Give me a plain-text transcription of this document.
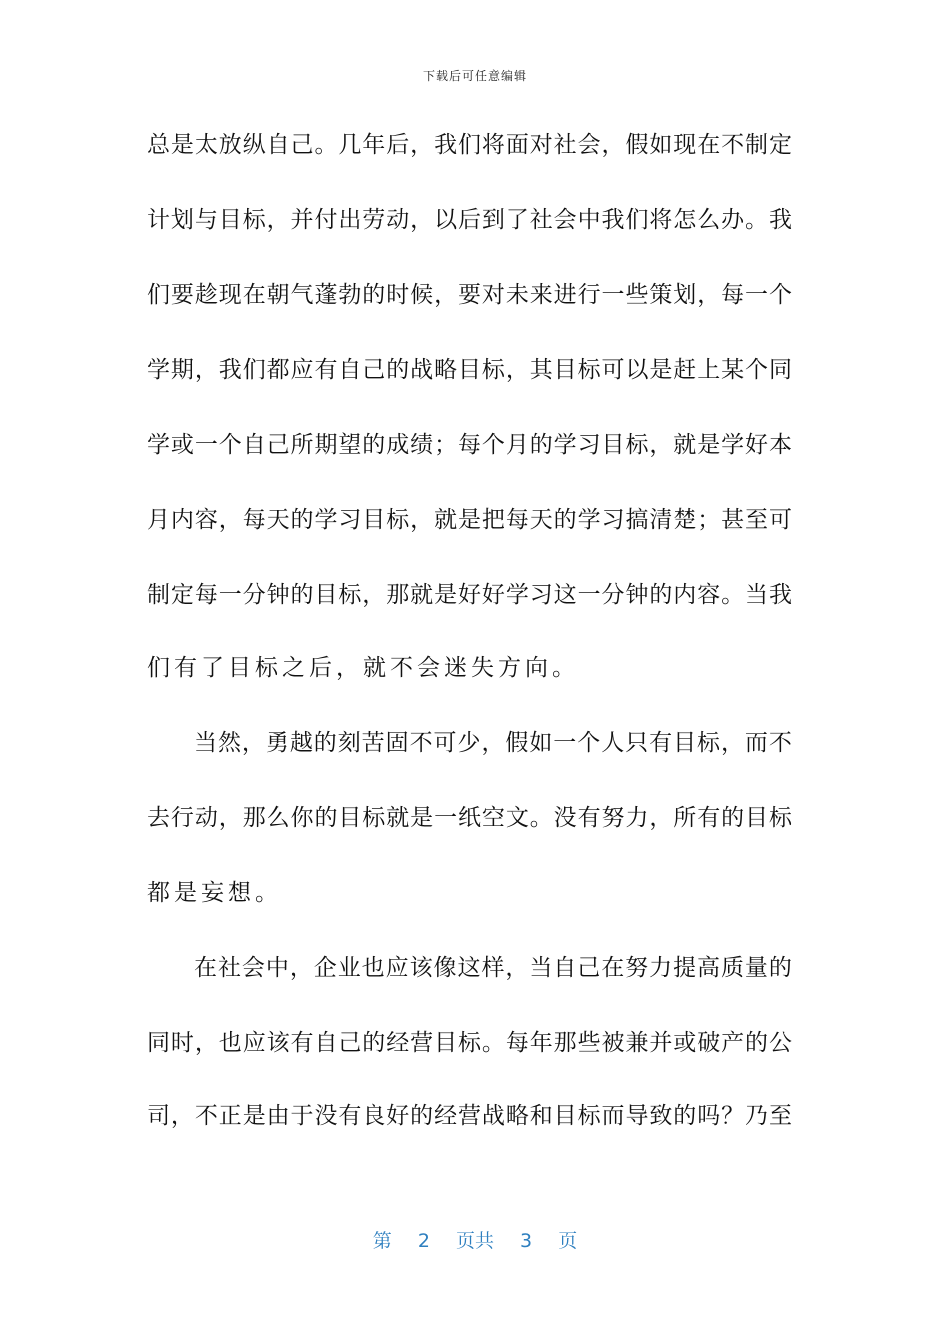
下载后可任意编辑
总 是 太 放 纵 自 己 。 几 年 后 ， 我 们 将 面 对 社 会 ， 假 如 现 在 不 制 定
计 划 与 目 标 ， 并 付 出 劳 动 ， 以 后 到 了 社 会 中 我 们 将 怎 么 办 。 我
们 要 趁 现 在 朝 气 蓬 勃 的 时 候 ， 要 对 未 来 进 行 一 些 策 划 ， 每 一 个
学 期 ， 我 们 都 应 有 自 己 的 战 略 目 标 ， 其 目 标 可 以 是 赶 上 某 个 同
学 或 一 个 自 己 所 期 望 的 成 绩 ； 每 个 月 的 学 习 目 标 ， 就 是 学 好 本
月 内 容 ， 每 天 的 学 习 目 标 ， 就 是 把 每 天 的 学 习 搞 清 楚 ； 甚 至 可
制 定 每 一 分 钟 的 目 标 ， 那 就 是 好 好 学 习 这 一 分 钟 的 内 容 。 当 我
们有了目标之后，就不会迷失方向。
当 然 ， 勇 越 的 刻 苦 固 不 可 少 ， 假 如 一 个 人 只 有 目 标 ， 而 不
去 行 动 ， 那 么 你 的 目 标 就 是 一 纸 空 文 。 没 有 努 力 ， 所 有 的 目 标
都是妄想。
在 社 会 中 ， 企 业 也 应 该 像 这 样 ， 当 自 己 在 努 力 提 高 质 量 的
同 时 ， 也 应 该 有 自 己 的 经 营 目 标 。 每 年 那 些 被 兼 并 或 破 产 的 公
司 ， 不 正 是 由 于 没 有 良 好 的 经 营 战 略 和 目 标 而 导 致 的 吗 ？ 乃 至
第 2 页共 3 页
